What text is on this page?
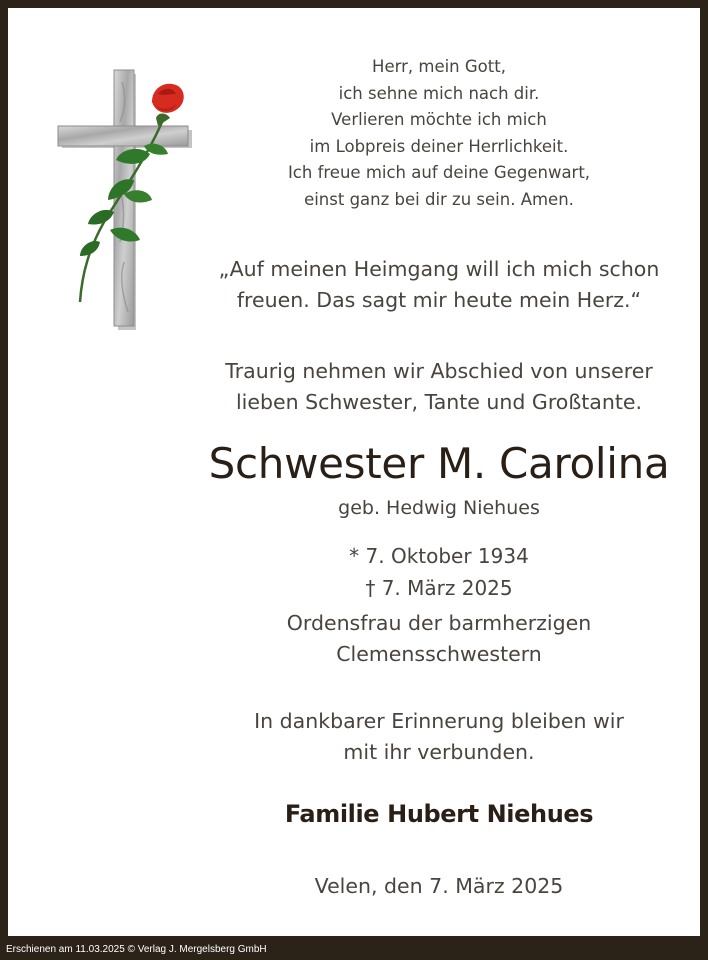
Herr, mein Gott,
ich sehne mich nach dir.
Verlieren möchte ich mich
im Lobpreis deiner Herrlichkeit.
Ich freue mich auf deine Gegenwart,
einst ganz bei dir zu sein. Amen.
„Auf meinen Heimgang will ich mich schon
freuen. Das sagt mir heute mein Herz.“
Traurig nehmen wir Abschied von unserer
lieben Schwester, Tante und Großtante.
Schwester M. Carolina
geb. Hedwig Niehues
* 7. Oktober 1934
† 7. März 2025
Ordensfrau der barmherzigen
Clemensschwestern
In dankbarer Erinnerung bleiben wir
mit ihr verbunden.
Familie Hubert Niehues
Velen, den 7. März 2025
Erschienen am 11.03.2025 © Verlag J. Mergelsberg GmbH
